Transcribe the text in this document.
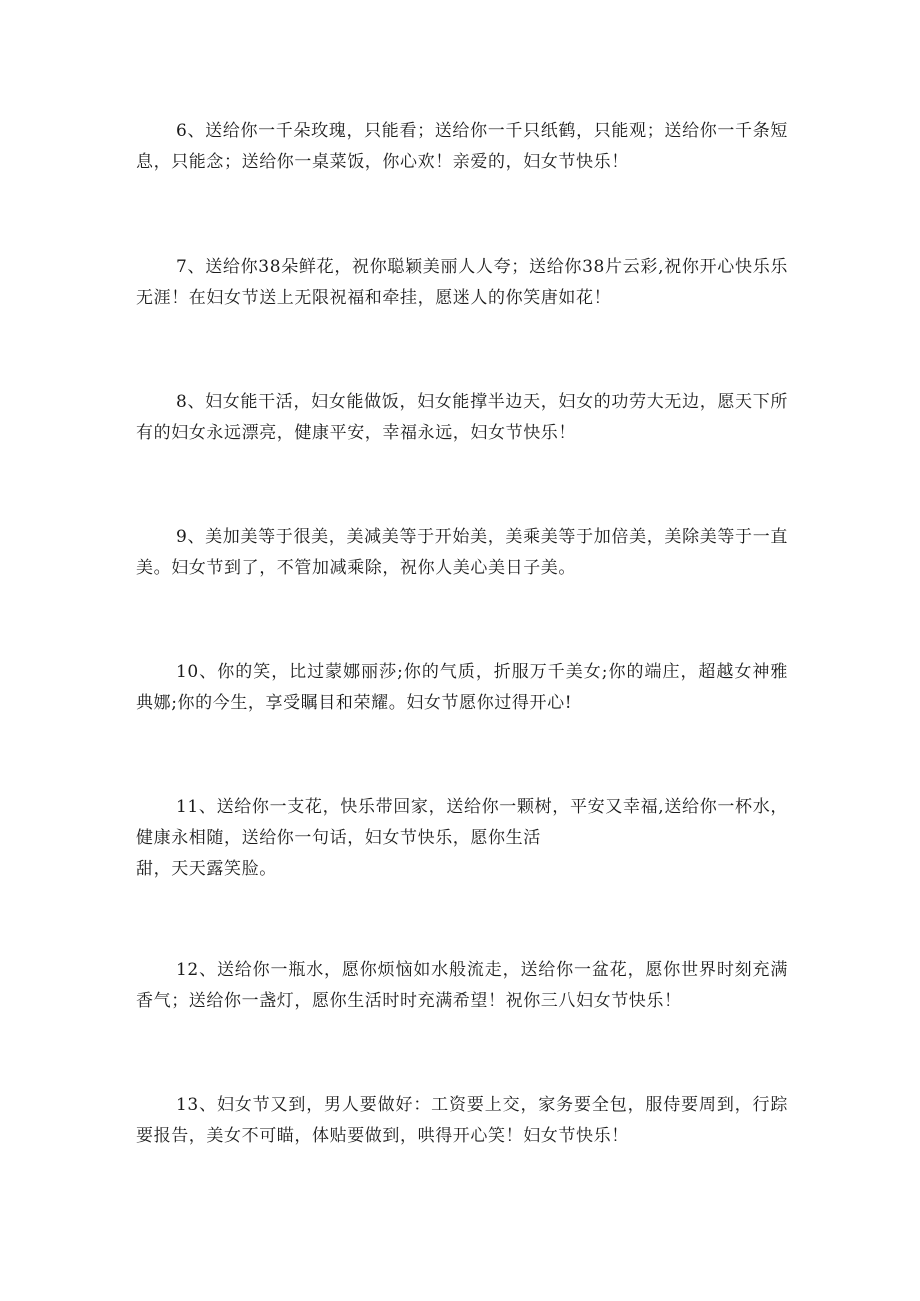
6、送给你一千朵玫瑰，只能看；送给你一千只纸鹤，只能观；送给你一千条短息，只能念；送给你一桌菜饭，你心欢！亲爱的，妇女节快乐！

7、送给你38朵鲜花，祝你聪颖美丽人人夸；送给你38片云彩,祝你开心快乐乐无涯！在妇女节送上无限祝福和牵挂，愿迷人的你笑唐如花！

8、妇女能干活，妇女能做饭，妇女能撑半边天，妇女的功劳大无边，愿天下所有的妇女永远漂亮，健康平安，幸福永远，妇女节快乐！

9、美加美等于很美，美减美等于开始美，美乘美等于加倍美，美除美等于一直美。妇女节到了，不管加减乘除，祝你人美心美日子美。

10、你的笑，比过蒙娜丽莎;你的气质，折服万千美女;你的端庄，超越女神雅典娜;你的今生，享受瞩目和荣耀。妇女节愿你过得开心!

11、送给你一支花，快乐带回家，送给你一颗树，平安又幸福,送给你一杯水，健康永相随，送给你一句话，妇女节快乐，愿你生活
甜，天天露笑脸。

12、送给你一瓶水，愿你烦恼如水般流走，送给你一盆花，愿你世界时刻充满香气；送给你一盏灯，愿你生活时时充满希望！祝你三八妇女节快乐！

13、妇女节又到，男人要做好：工资要上交，家务要全包，服侍要周到，行踪要报告，美女不可瞄，体贴要做到，哄得开心笑！妇女节快乐！
